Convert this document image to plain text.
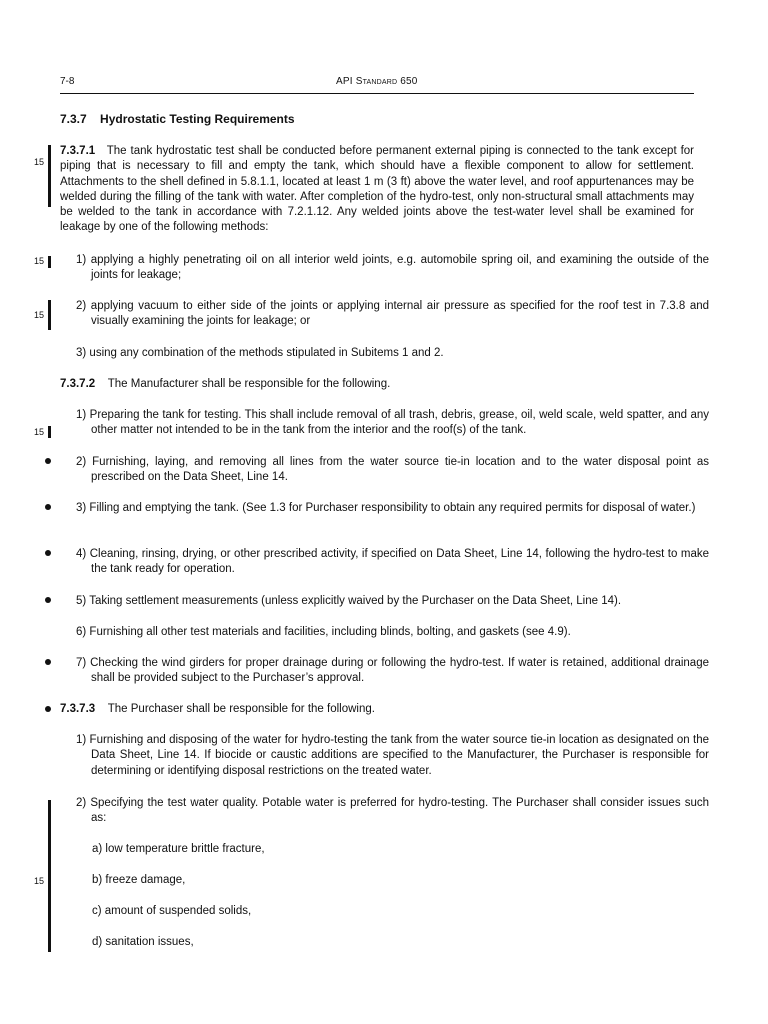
7-8	API Standard 650
7.3.7 Hydrostatic Testing Requirements
15
15
15
15
15

7.3.7.1 The tank hydrostatic test shall be conducted before permanent external piping is connected to the tank except for piping that is necessary to fill and empty the tank, which should have a flexible component to allow for settlement. Attachments to the shell defined in 5.8.1.1, located at least 1 m (3 ft) above the water level, and roof appurtenances may be welded during the filling of the tank with water. After completion of the hydro-test, only non-structural small attachments may be welded to the tank in accordance with 7.2.1.12. Any welded joints above the test-water level shall be examined for leakage by one of the following methods:

1) applying a highly penetrating oil on all interior weld joints, e.g. automobile spring oil, and examining the outside of the joints for leakage;

2) applying vacuum to either side of the joints or applying internal air pressure as specified for the roof test in 7.3.8 and visually examining the joints for leakage; or

3) using any combination of the methods stipulated in Subitems 1 and 2.

7.3.7.2 The Manufacturer shall be responsible for the following.

1) Preparing the tank for testing. This shall include removal of all trash, debris, grease, oil, weld scale, weld spatter, and any other matter not intended to be in the tank from the interior and the roof(s) of the tank.

2) Furnishing, laying, and removing all lines from the water source tie-in location and to the water disposal point as prescribed on the Data Sheet, Line 14.

3) Filling and emptying the tank. (See 1.3 for Purchaser responsibility to obtain any required permits for disposal of water.)

4) Cleaning, rinsing, drying, or other prescribed activity, if specified on Data Sheet, Line 14, following the hydro-test to make the tank ready for operation.

5) Taking settlement measurements (unless explicitly waived by the Purchaser on the Data Sheet, Line 14).

6) Furnishing all other test materials and facilities, including blinds, bolting, and gaskets (see 4.9).

7) Checking the wind girders for proper drainage during or following the hydro-test. If water is retained, additional drainage shall be provided subject to the Purchaser’s approval.

7.3.7.3 The Purchaser shall be responsible for the following.

1) Furnishing and disposing of the water for hydro-testing the tank from the water source tie-in location as designated on the Data Sheet, Line 14. If biocide or caustic additions are specified to the Manufacturer, the Purchaser is responsible for determining or identifying disposal restrictions on the treated water.

2) Specifying the test water quality. Potable water is preferred for hydro-testing. The Purchaser shall consider issues such as:

a) low temperature brittle fracture,
b) freeze damage,
c) amount of suspended solids,
d) sanitation issues,
